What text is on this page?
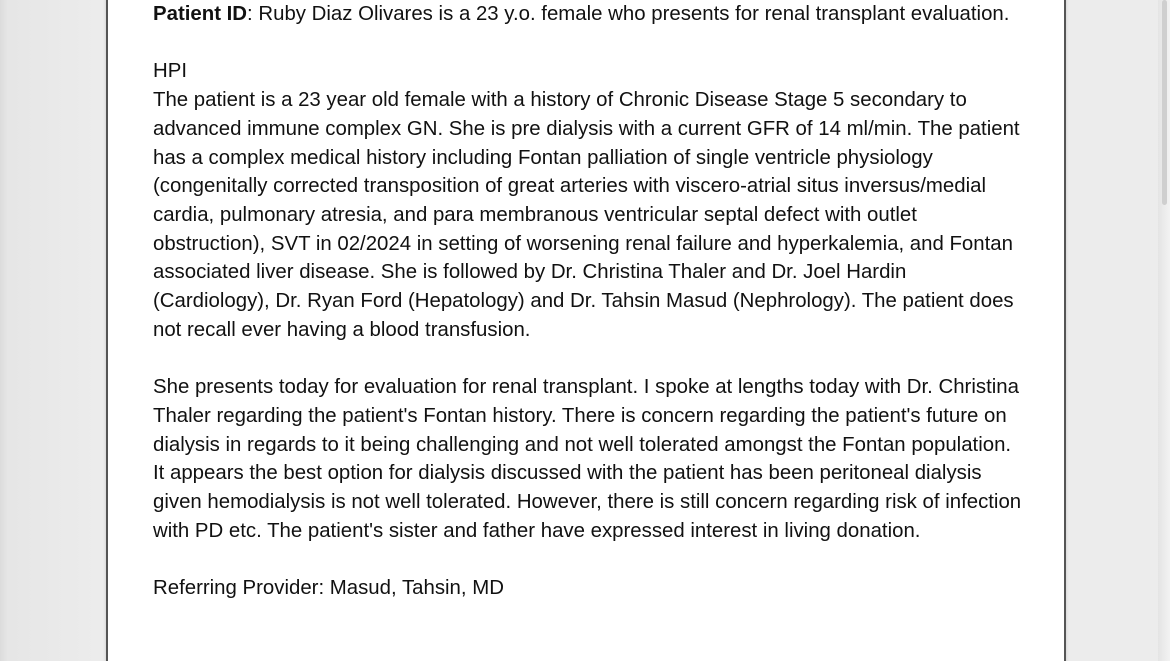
Patient ID: Ruby Diaz Olivares is a 23 y.o. female who presents for renal transplant evaluation.

HPI

The patient is a 23 year old female with a history of Chronic Disease Stage 5 secondary to advanced immune complex GN. She is pre dialysis with a current GFR of 14 ml/min. The patient has a complex medical history including Fontan palliation of single ventricle physiology (congenitally corrected transposition of great arteries with viscero-atrial situs inversus/medial cardia, pulmonary atresia, and para membranous ventricular septal defect with outlet obstruction), SVT in 02/2024 in setting of worsening renal failure and hyperkalemia, and Fontan associated liver disease. She is followed by Dr. Christina Thaler and Dr. Joel Hardin (Cardiology), Dr. Ryan Ford (Hepatology) and Dr. Tahsin Masud (Nephrology). The patient does not recall ever having a blood transfusion.

She presents today for evaluation for renal transplant. I spoke at lengths today with Dr. Christina Thaler regarding the patient's Fontan history. There is concern regarding the patient's future on dialysis in regards to it being challenging and not well tolerated amongst the Fontan population. It appears the best option for dialysis discussed with the patient has been peritoneal dialysis given hemodialysis is not well tolerated. However, there is still concern regarding risk of infection with PD etc. The patient's sister and father have expressed interest in living donation.

Referring Provider: Masud, Tahsin, MD
